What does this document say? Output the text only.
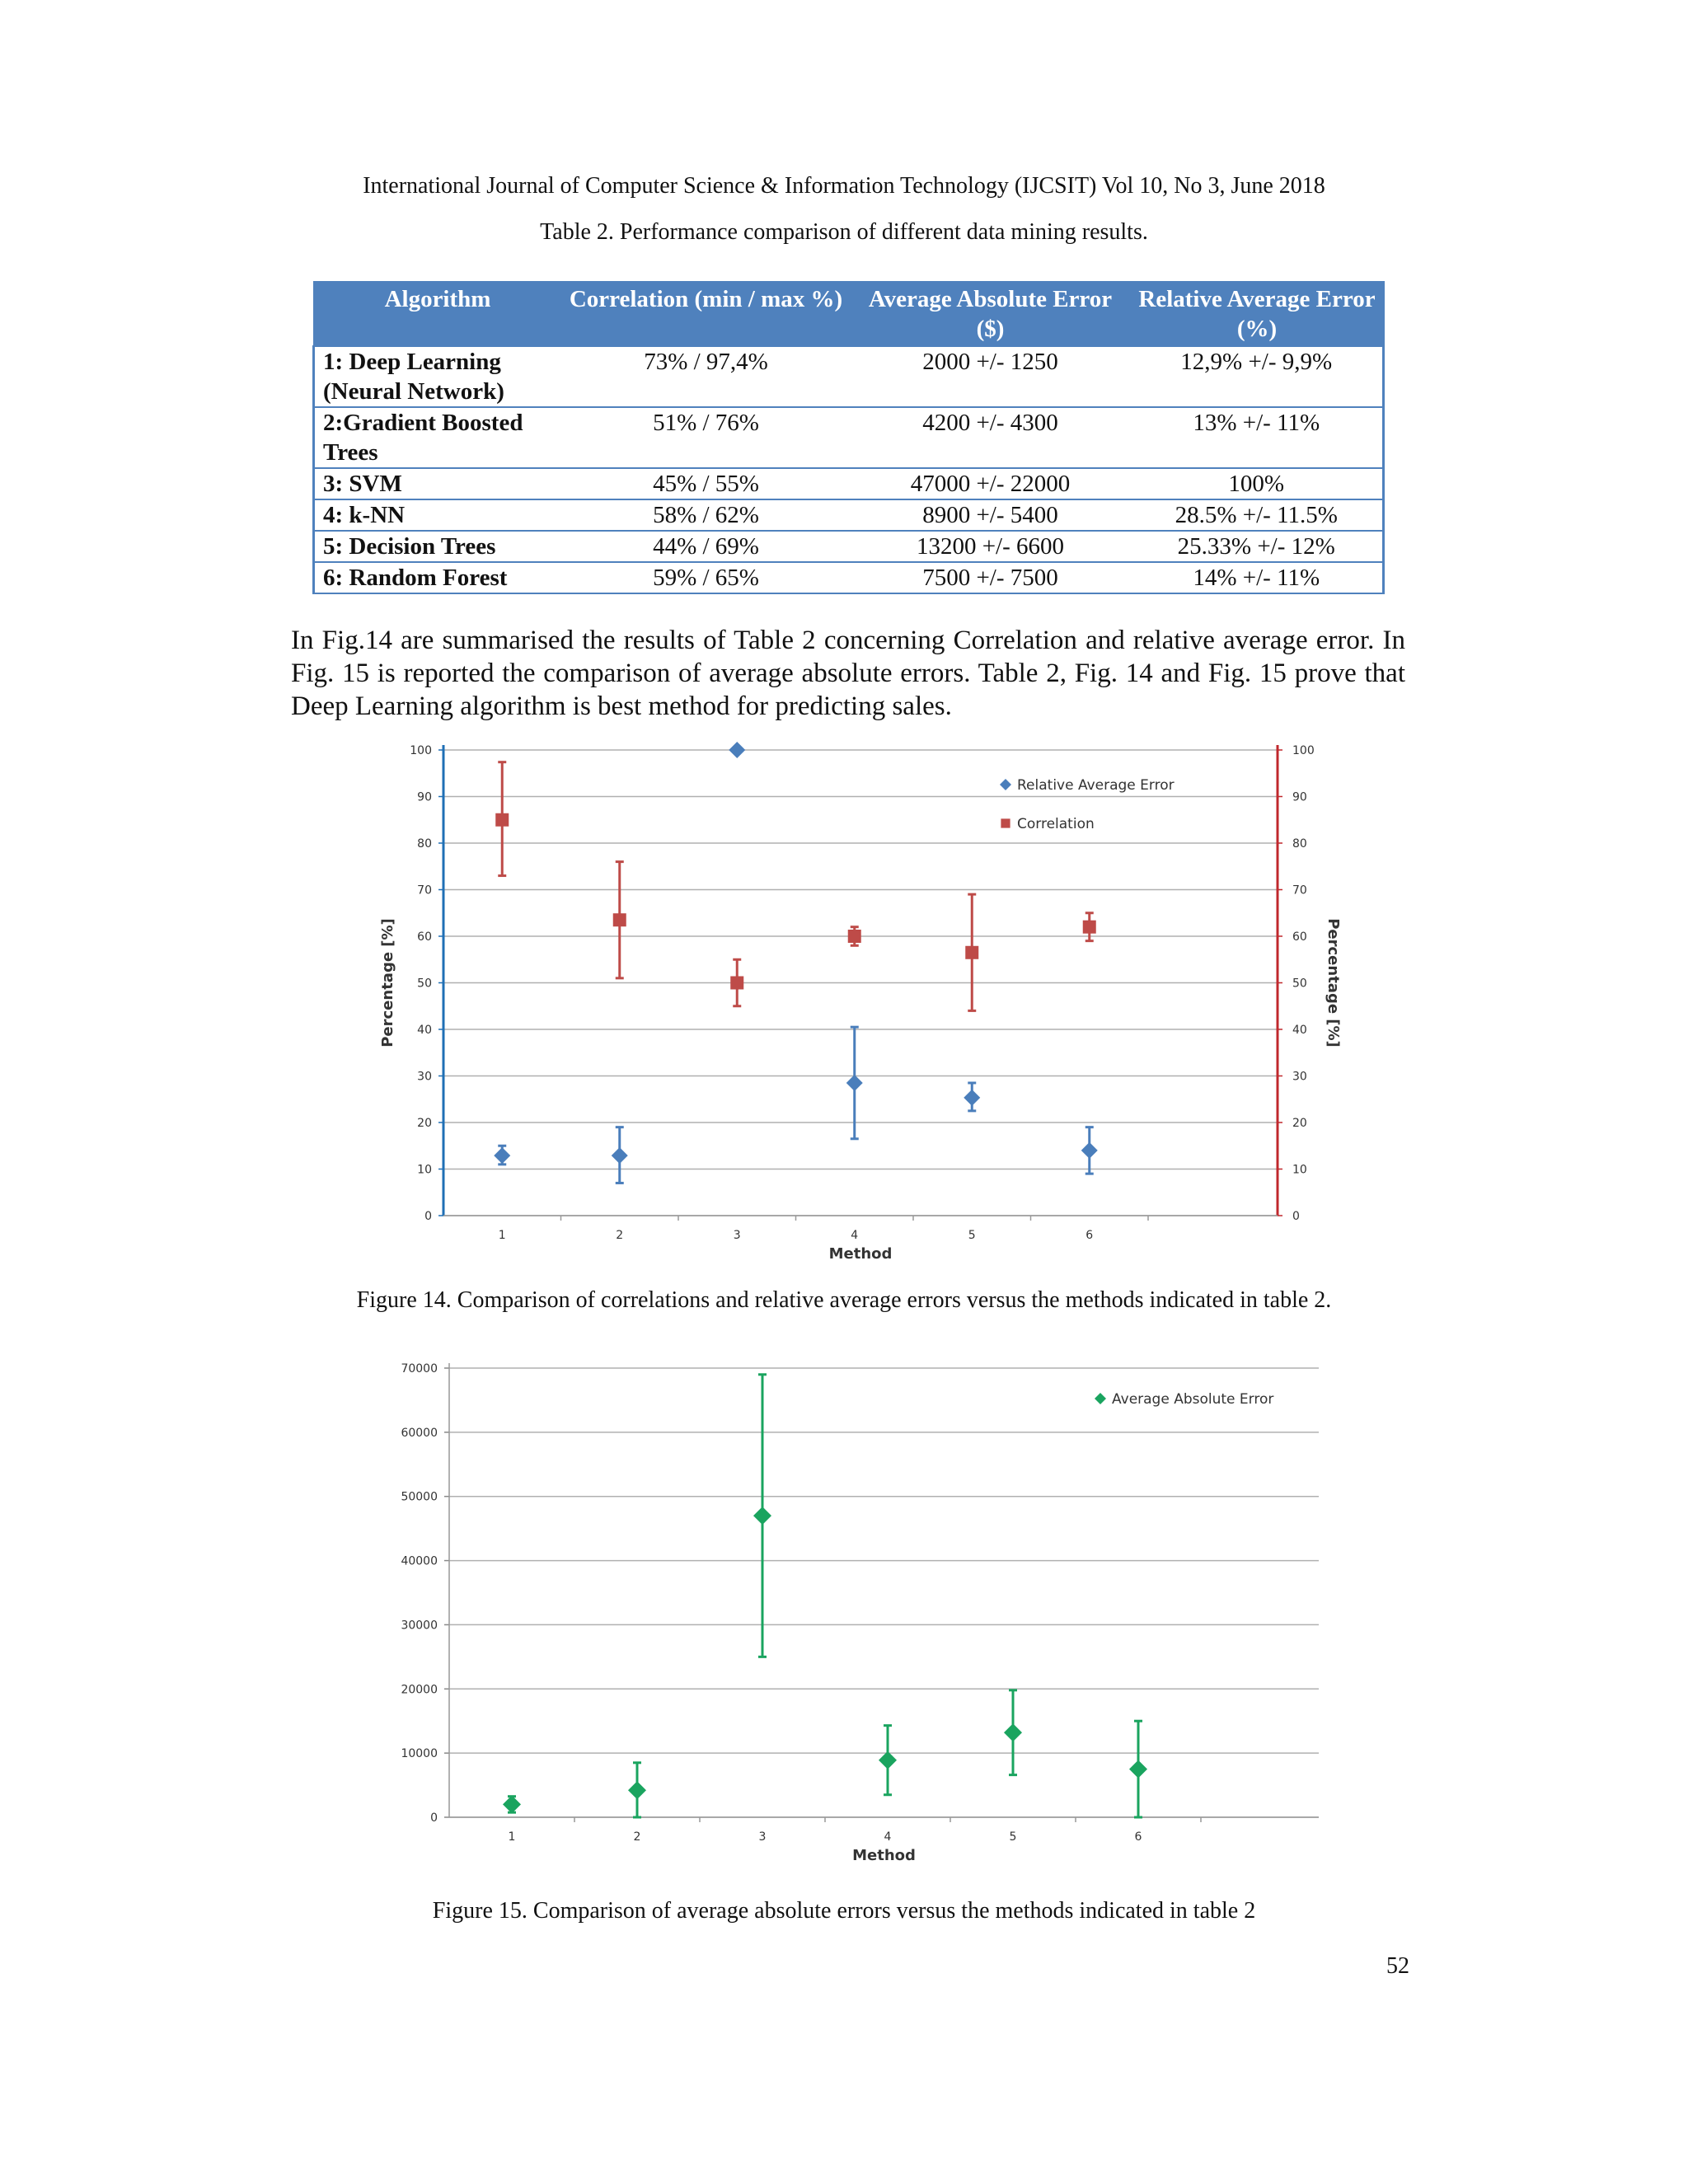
International Journal of Computer Science & Information Technology (IJCSIT) Vol 10, No 3, June 2018
Table 2. Performance comparison of different data mining results.
Algorithm	Correlation (min / max %)	Average Absolute Error ($)	Relative Average Error (%)
1: Deep Learning (Neural Network)	73% / 97,4%	2000 +/- 1250	12,9% +/- 9,9%
2:Gradient Boosted Trees	51% / 76%	4200 +/- 4300	13% +/- 11%
3: SVM	45% / 55%	47000 +/- 22000	100%
4: k-NN	58% / 62%	8900 +/- 5400	28.5% +/- 11.5%
5: Decision Trees	44% / 69%	13200 +/- 6600	25.33% +/- 12%
6: Random Forest	59% / 65%	7500 +/- 7500	14% +/- 11%
In Fig.14 are summarised the results of Table 2 concerning Correlation and relative average error. In Fig. 15 is reported the comparison of average absolute errors. Table 2, Fig. 14 and Fig. 15 prove that Deep Learning algorithm is best method for predicting sales.
0	0
10	10
20	20
30	30
40	40
50	50
60	60
70	70
80	80
90	90
100	100
1	2	3	4	5	6
Method
Percentage [%]	Percentage [%]
Relative Average Error
Correlation
Figure 14. Comparison of correlations and relative average errors versus the methods indicated in table 2.
0
10000
20000
30000
40000
50000
60000
70000
1	2	3	4	5	6
Method
Average Absolute Error
Figure 15. Comparison of average absolute errors versus the methods indicated in table 2
52
